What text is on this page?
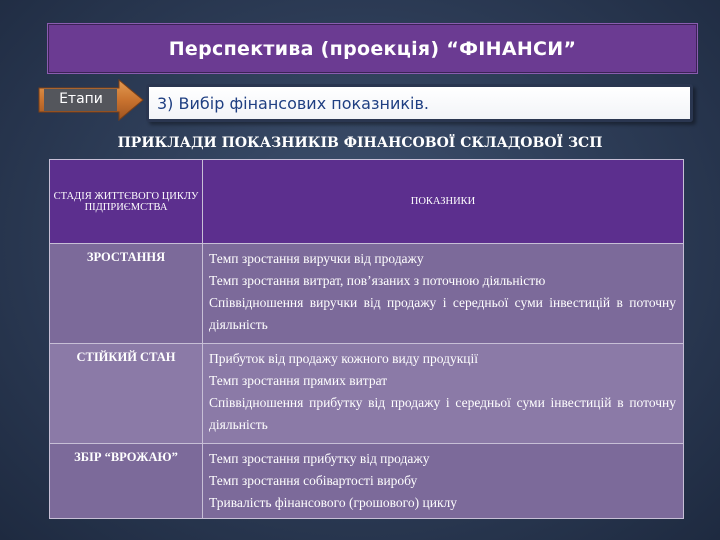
Перспектива (проекція) “ФІНАНСИ”
Етапи	3) Вибір фінансових показників.
ПРИКЛАДИ ПОКАЗНИКІВ ФІНАНСОВОЇ СКЛАДОВОЇ ЗСП
СТАДІЯ ЖИТТЄВОГО ЦИКЛУ ПІДПРИЄМСТВА	ПОКАЗНИКИ
ЗРОСТАННЯ	Темп зростання виручки від продажу
Темп зростання витрат, пов’язаних з поточною діяльністю
Співвідношення виручки від продажу і середньої суми інвестицій в поточну діяльність

СТІЙКИЙ СТАН	Прибуток від продажу кожного виду продукції
Темп зростання прямих витрат
Співвідношення прибутку від продажу і середньої суми інвестицій в поточну діяльність

ЗБІР “ВРОЖАЮ”	Темп зростання прибутку від продажу
Темп зростання собівартості виробу
Тривалість фінансового (грошового) циклу
